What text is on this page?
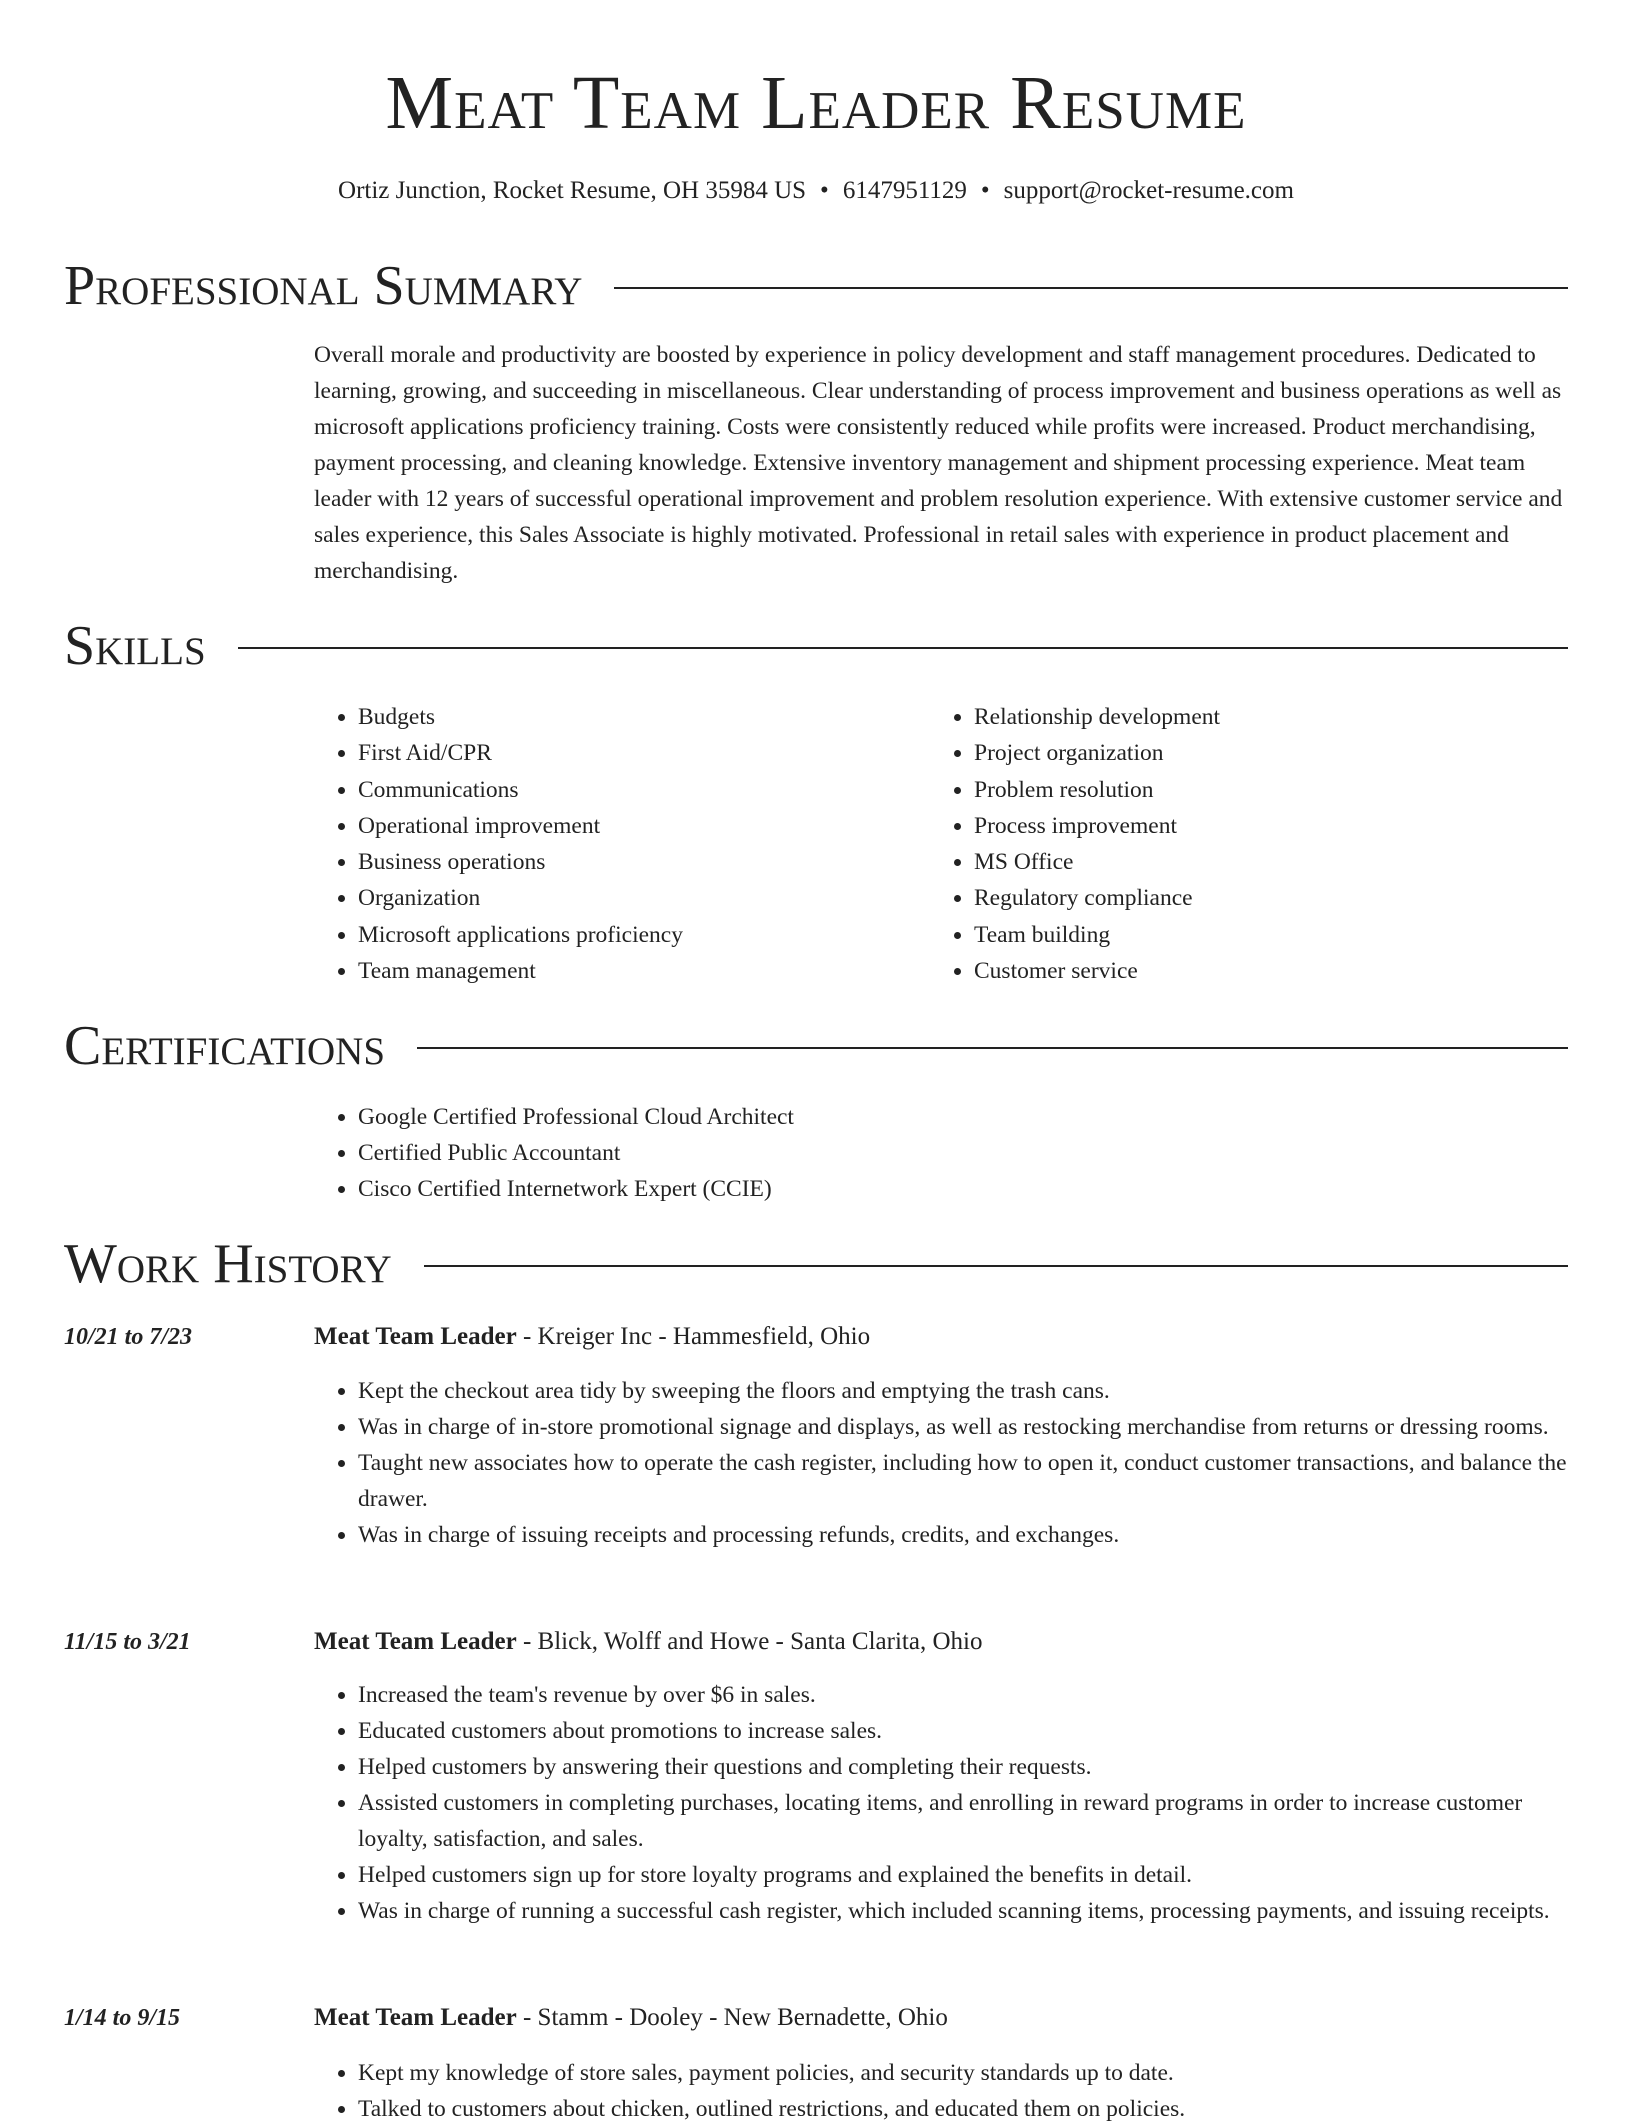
Meat Team Leader Resume
Ortiz Junction, Rocket Resume, OH 35984 US • 6147951129 • support@rocket-resume.com
Professional Summary

Overall morale and productivity are boosted by experience in policy development and staff management procedures. Dedicated to learning, growing, and succeeding in miscellaneous. Clear understanding of process improvement and business operations as well as microsoft applications proficiency training. Costs were consistently reduced while profits were increased. Product merchandising, payment processing, and cleaning knowledge. Extensive inventory management and shipment processing experience. Meat team leader with 12 years of successful operational improvement and problem resolution experience. With extensive customer service and sales experience, this Sales Associate is highly motivated. Professional in retail sales with experience in product placement and merchandising.

Skills
• Budgets
• First Aid/CPR
• Communications
• Operational improvement
• Business operations
• Organization
• Microsoft applications proficiency
• Team management
• Relationship development
• Project organization
• Problem resolution
• Process improvement
• MS Office
• Regulatory compliance
• Team building
• Customer service
Certifications
• Google Certified Professional Cloud Architect
• Certified Public Accountant
• Cisco Certified Internetwork Expert (CCIE)
Work History
10/21 to 7/23	Meat Team Leader - Kreiger Inc - Hammesfield, Ohio
• Kept the checkout area tidy by sweeping the floors and emptying the trash cans.
• Was in charge of in-store promotional signage and displays, as well as restocking merchandise from returns or dressing rooms.
• Taught new associates how to operate the cash register, including how to open it, conduct customer transactions, and balance the drawer.
• Was in charge of issuing receipts and processing refunds, credits, and exchanges.
11/15 to 3/21	Meat Team Leader - Blick, Wolff and Howe - Santa Clarita, Ohio
• Increased the team's revenue by over $6 in sales.
• Educated customers about promotions to increase sales.
• Helped customers by answering their questions and completing their requests.
• Assisted customers in completing purchases, locating items, and enrolling in reward programs in order to increase customer loyalty, satisfaction, and sales.
• Helped customers sign up for store loyalty programs and explained the benefits in detail.
• Was in charge of running a successful cash register, which included scanning items, processing payments, and issuing receipts.
1/14 to 9/15	Meat Team Leader - Stamm - Dooley - New Bernadette, Ohio
• Kept my knowledge of store sales, payment policies, and security standards up to date.
• Talked to customers about chicken, outlined restrictions, and educated them on policies.
